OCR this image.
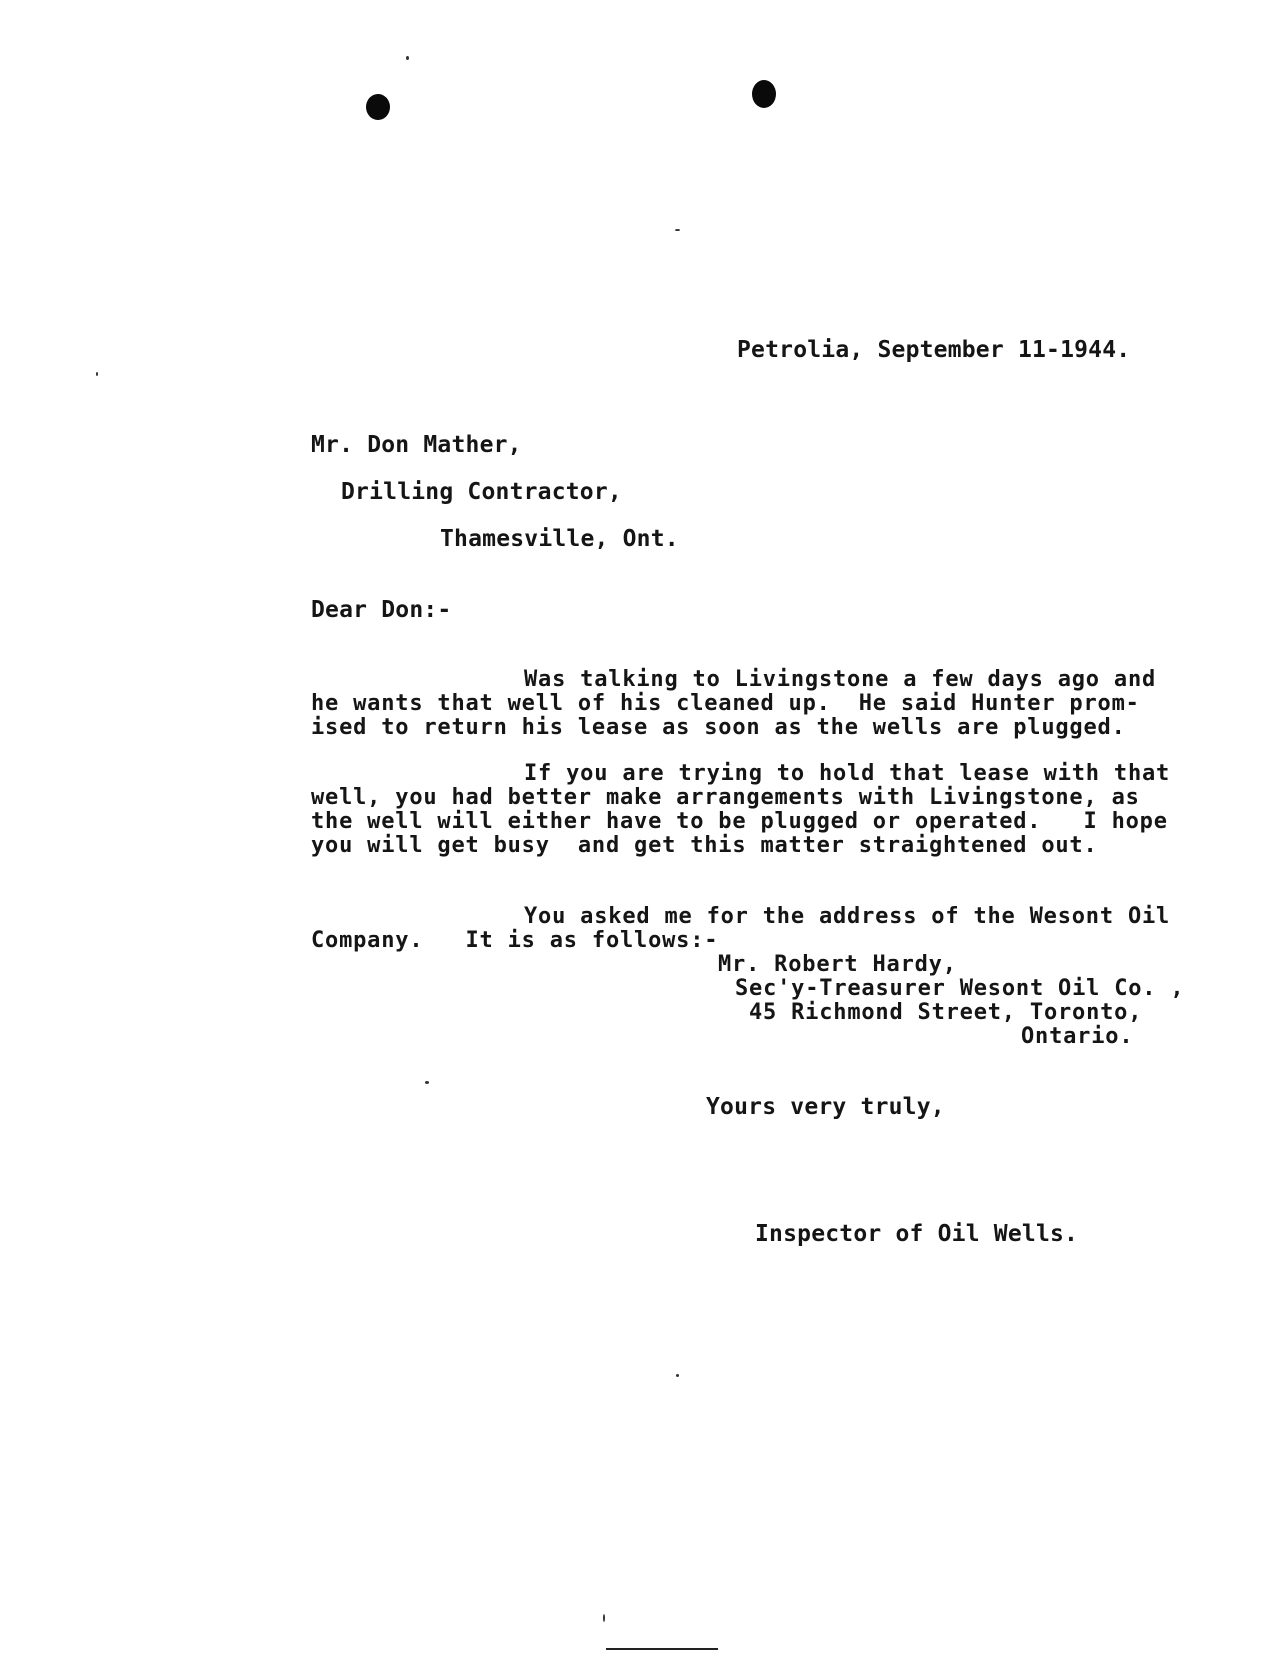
Petrolia, September 11-1944.
Mr. Don Mather,
Drilling Contractor,
Thamesville, Ont.
Dear Don:-
Was talking to Livingstone a few days ago and
he wants that well of his cleaned up.  He said Hunter prom-
ised to return his lease as soon as the wells are plugged.
If you are trying to hold that lease with that
well, you had better make arrangements with Livingstone, as
the well will either have to be plugged or operated.   I hope
you will get busy  and get this matter straightened out.
You asked me for the address of the Wesont Oil
Company.   It is as follows:-
Mr. Robert Hardy,
Sec'y-Treasurer Wesont Oil Co. ,
45 Richmond Street, Toronto,
Ontario.
Yours very truly,
Inspector of Oil Wells.
